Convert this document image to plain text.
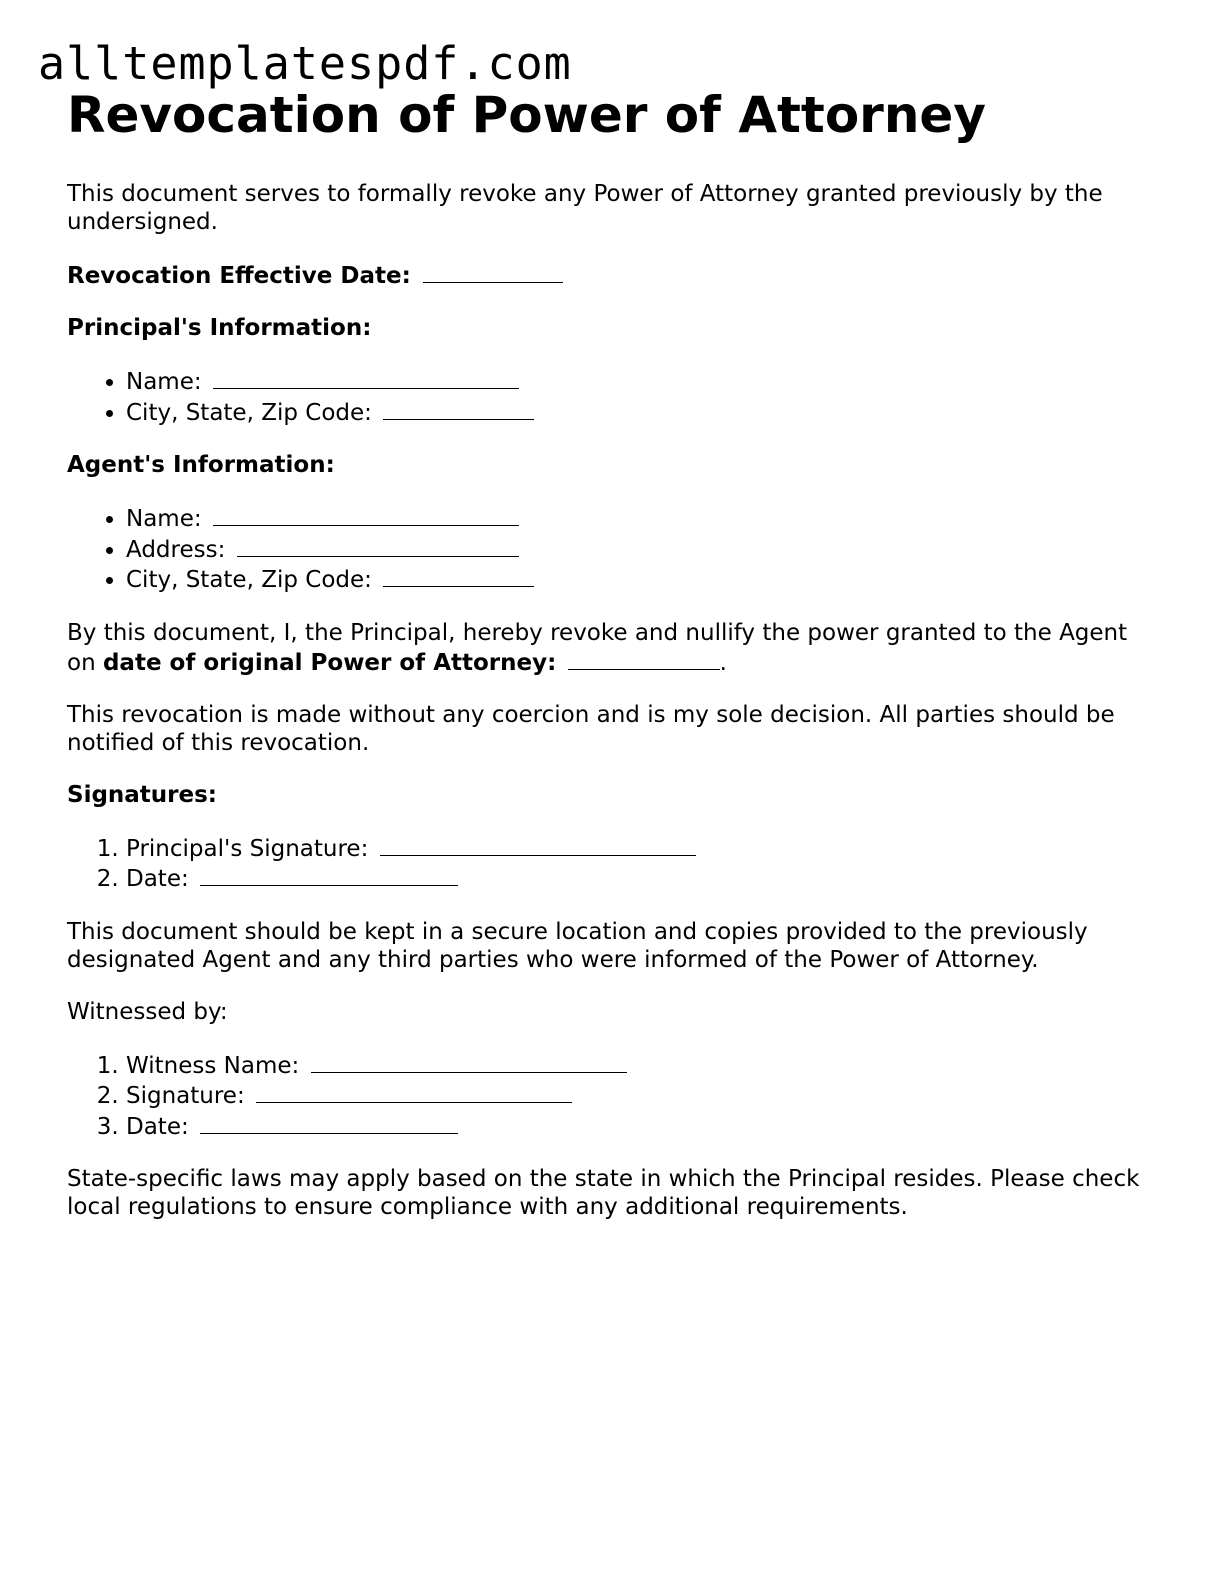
alltemplatespdf.com
Revocation of Power of Attorney

This document serves to formally revoke any Power of Attorney granted previously by the undersigned.

Revocation Effective Date:

Principal's Information:

• Name:
• City, State, Zip Code:

Agent's Information:

• Name:
• Address:
• City, State, Zip Code:

By this document, I, the Principal, hereby revoke and nullify the power granted to the Agent on date of original Power of Attorney:	.

This revocation is made without any coercion and is my sole decision. All parties should be notified of this revocation.

Signatures:

1. Principal's Signature:
2. Date:

This document should be kept in a secure location and copies provided to the previously designated Agent and any third parties who were informed of the Power of Attorney.

Witnessed by:

1. Witness Name:
2. Signature:
3. Date:

State-specific laws may apply based on the state in which the Principal resides. Please check local regulations to ensure compliance with any additional requirements.
